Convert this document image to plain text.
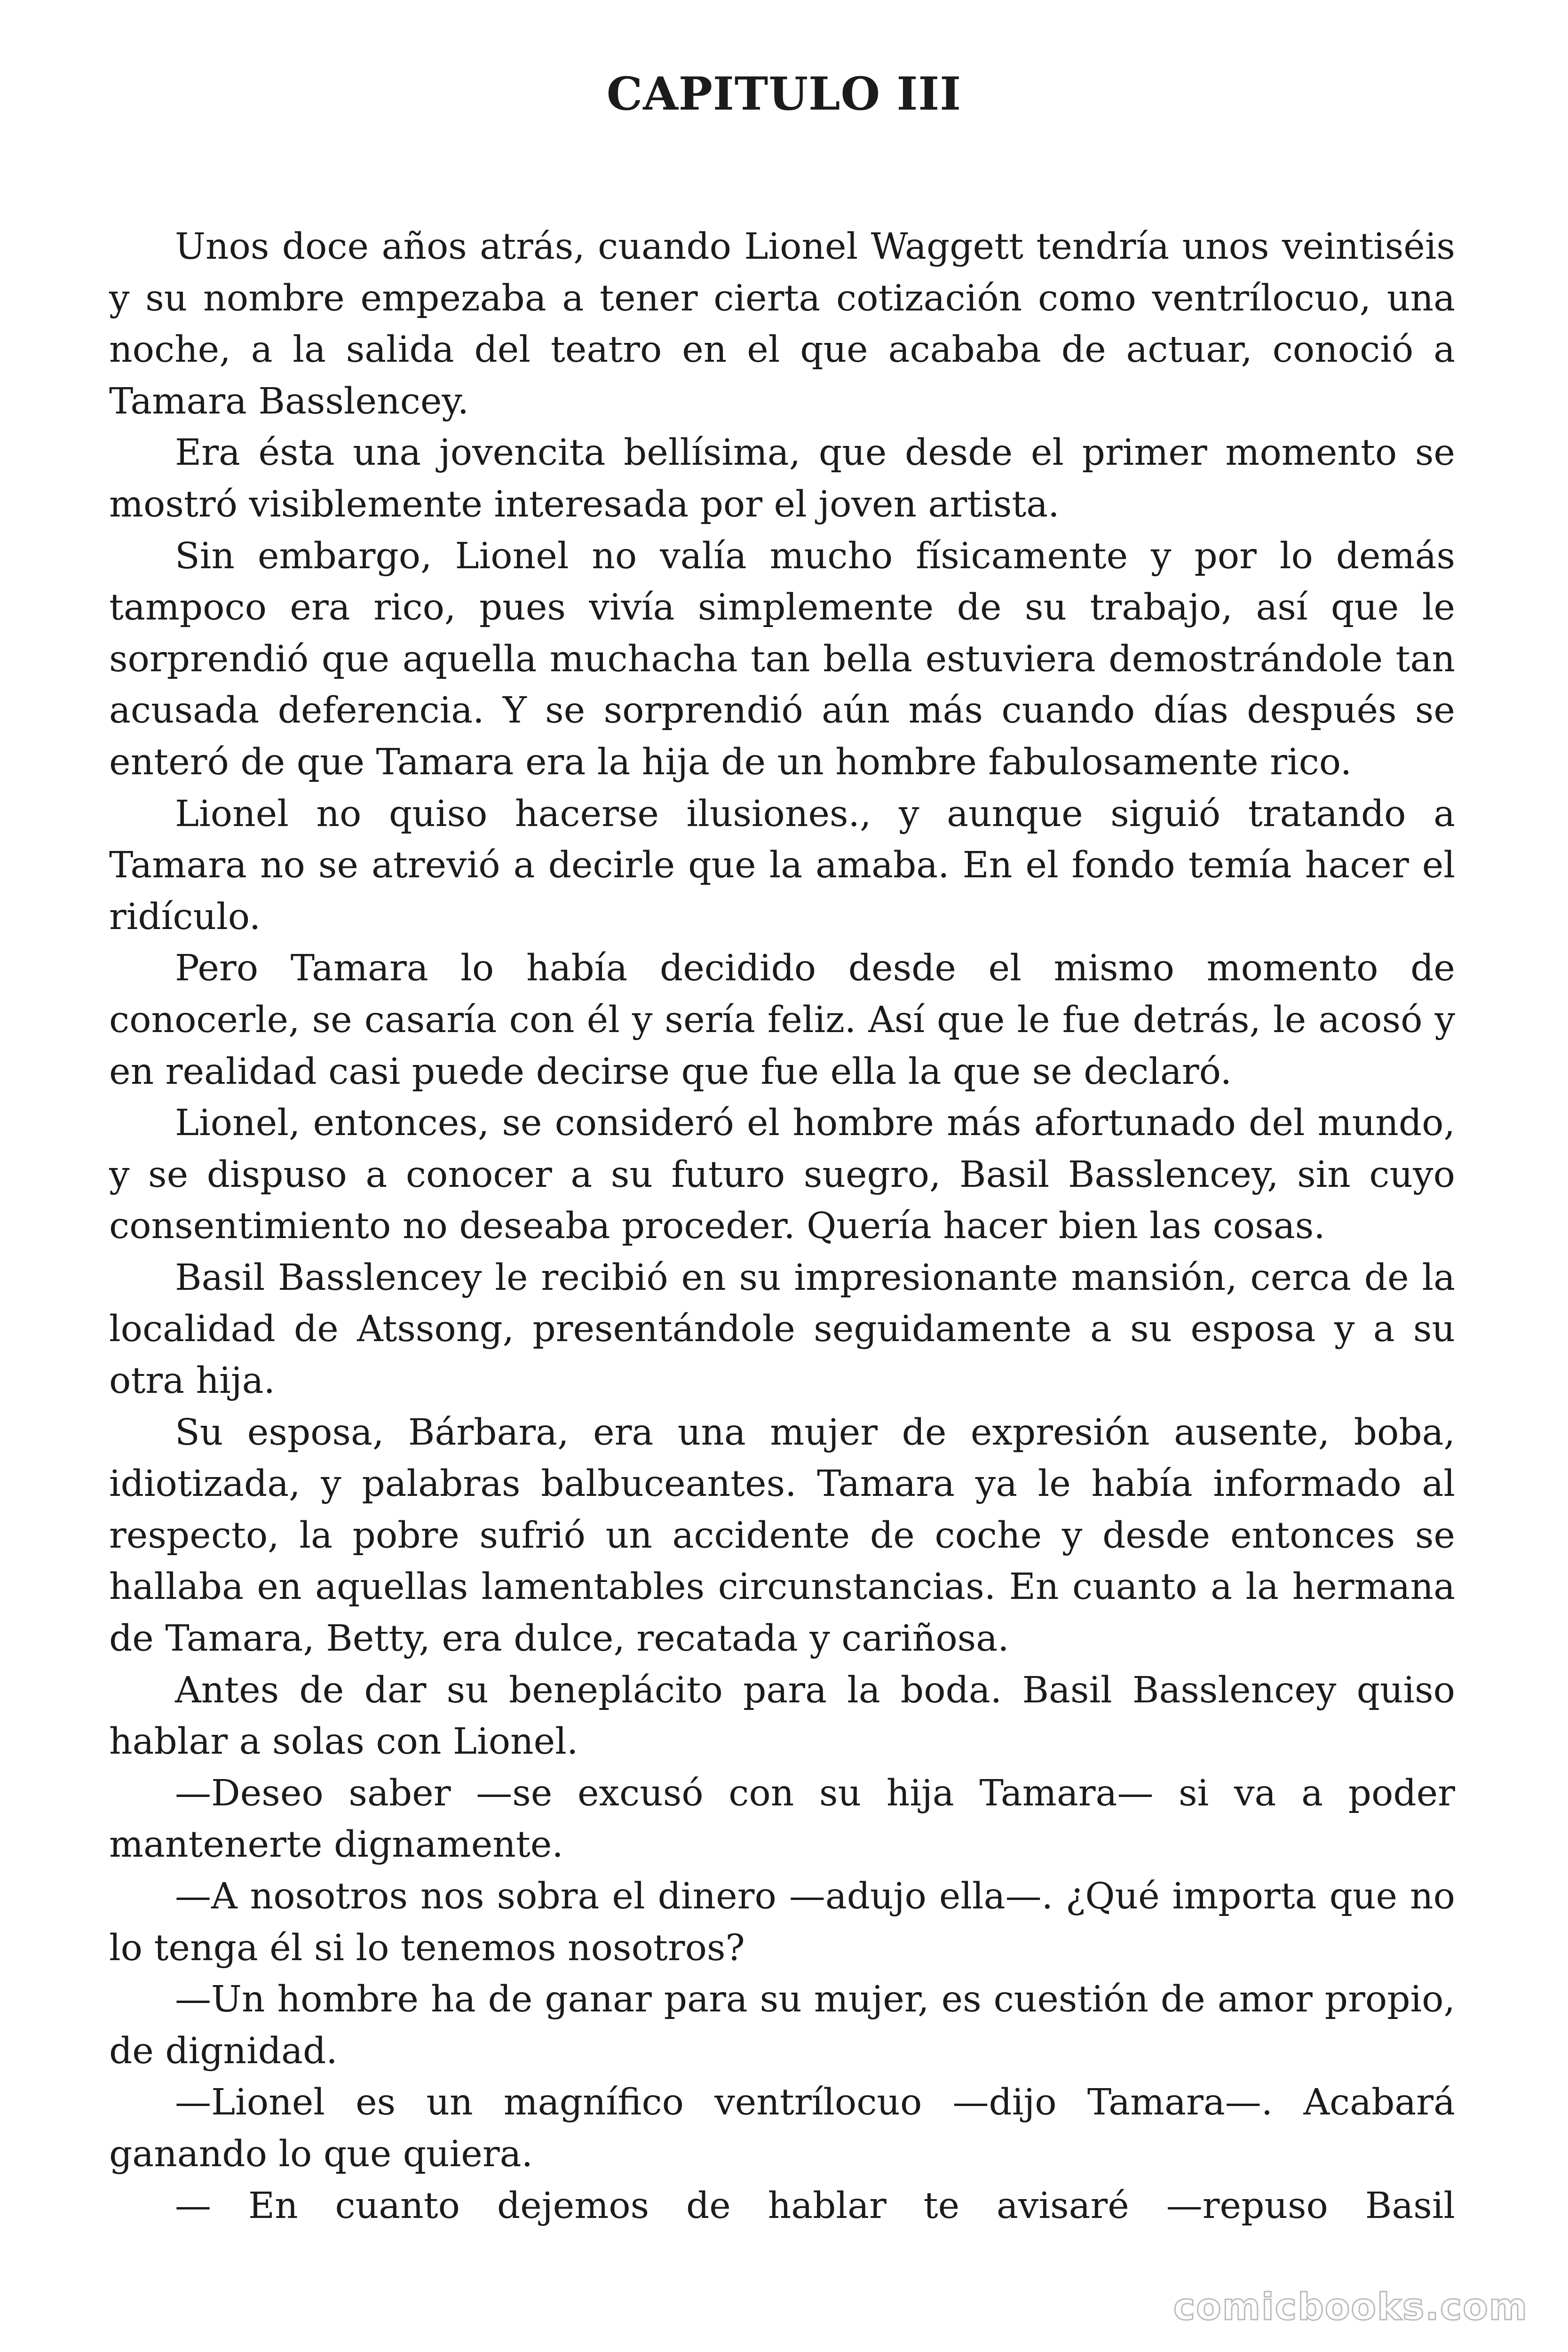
CAPITULO III

Unos doce años atrás, cuando Lionel Waggett tendría unos veintiséis y su nombre empezaba a tener cierta cotización como ventrílocuo, una noche, a la salida del teatro en el que acababa de actuar, conoció a Tamara Basslencey.

Era ésta una jovencita bellísima, que desde el primer momento se mostró visiblemente interesada por el joven artista.

Sin embargo, Lionel no valía mucho físicamente y por lo demás tampoco era rico, pues vivía simplemente de su trabajo, así que le sorprendió que aquella muchacha tan bella estuviera demostrándole tan acusada deferencia. Y se sorprendió aún más cuando días después se enteró de que Tamara era la hija de un hombre fabulosamente rico.

Lionel no quiso hacerse ilusiones., y aunque siguió tratando a Tamara no se atrevió a decirle que la amaba. En el fondo temía hacer el ridículo.

Pero Tamara lo había decidido desde el mismo momento de conocerle, se casaría con él y sería feliz. Así que le fue detrás, le acosó y en realidad casi puede decirse que fue ella la que se declaró.

Lionel, entonces, se consideró el hombre más afortunado del mundo, y se dispuso a conocer a su futuro suegro, Basil Basslencey, sin cuyo consentimiento no deseaba proceder. Quería hacer bien las cosas.

Basil Basslencey le recibió en su impresionante mansión, cerca de la localidad de Atssong, presentándole seguidamente a su esposa y a su otra hija.

Su esposa, Bárbara, era una mujer de expresión ausente, boba, idiotizada, y palabras balbuceantes. Tamara ya le había informado al respecto, la pobre sufrió un accidente de coche y desde entonces se hallaba en aquellas lamentables circunstancias. En cuanto a la hermana de Tamara, Betty, era dulce, recatada y cariñosa.

Antes de dar su beneplácito para la boda. Basil Basslencey quiso hablar a solas con Lionel.

—Deseo saber —se excusó con su hija Tamara— si va a poder mantenerte dignamente.

—A nosotros nos sobra el dinero —adujo ella—. ¿Qué importa que no lo tenga él si lo tenemos nosotros?

—Un hombre ha de ganar para su mujer, es cuestión de amor propio, de dignidad.

—Lionel es un magnífico ventrílocuo —dijo Tamara—. Acabará ganando lo que quiera.

— En cuanto dejemos de hablar te avisaré —repuso Basil

comicbooks.com
